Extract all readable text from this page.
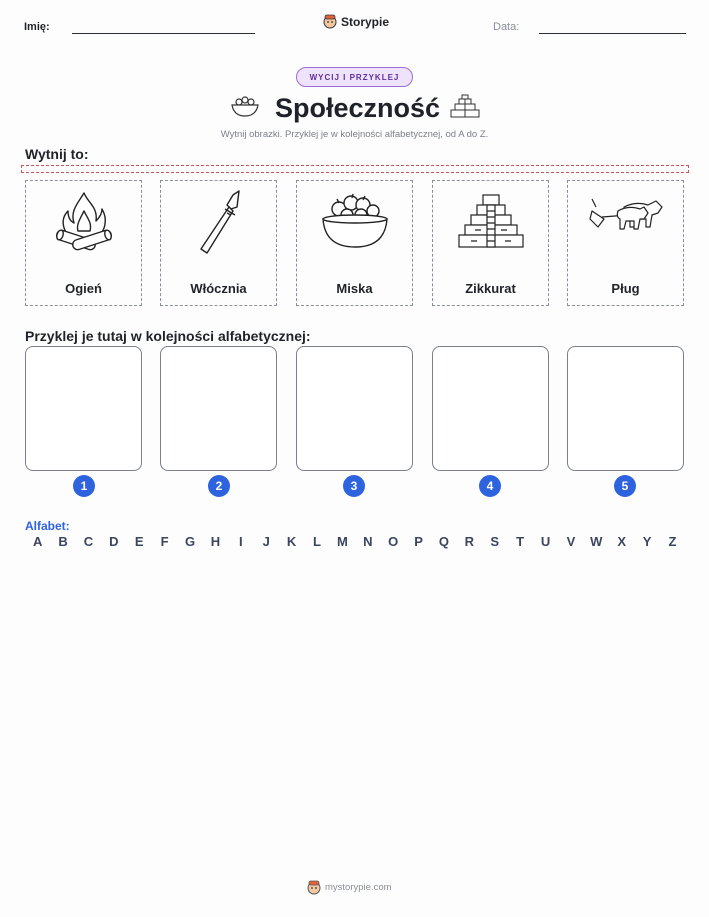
Imię:	Storypie	Data:
WYCIJ I PRZYKLEJ
Społeczność
Wytnij obrazki. Przyklej je w kolejności alfabetycznej, od A do Z.
Wytnij to:
Ogień	Włócznia	Miska	Zikkurat	Pług
Przyklej je tutaj w kolejności alfabetycznej:
1	2	3	4	5
Alfabet:
A	B	C	D	E	F	G	H	I	J	K	L	M	N	O	P	Q	R	S	T	U	V	W	X	Y	Z
mystorypie.com
